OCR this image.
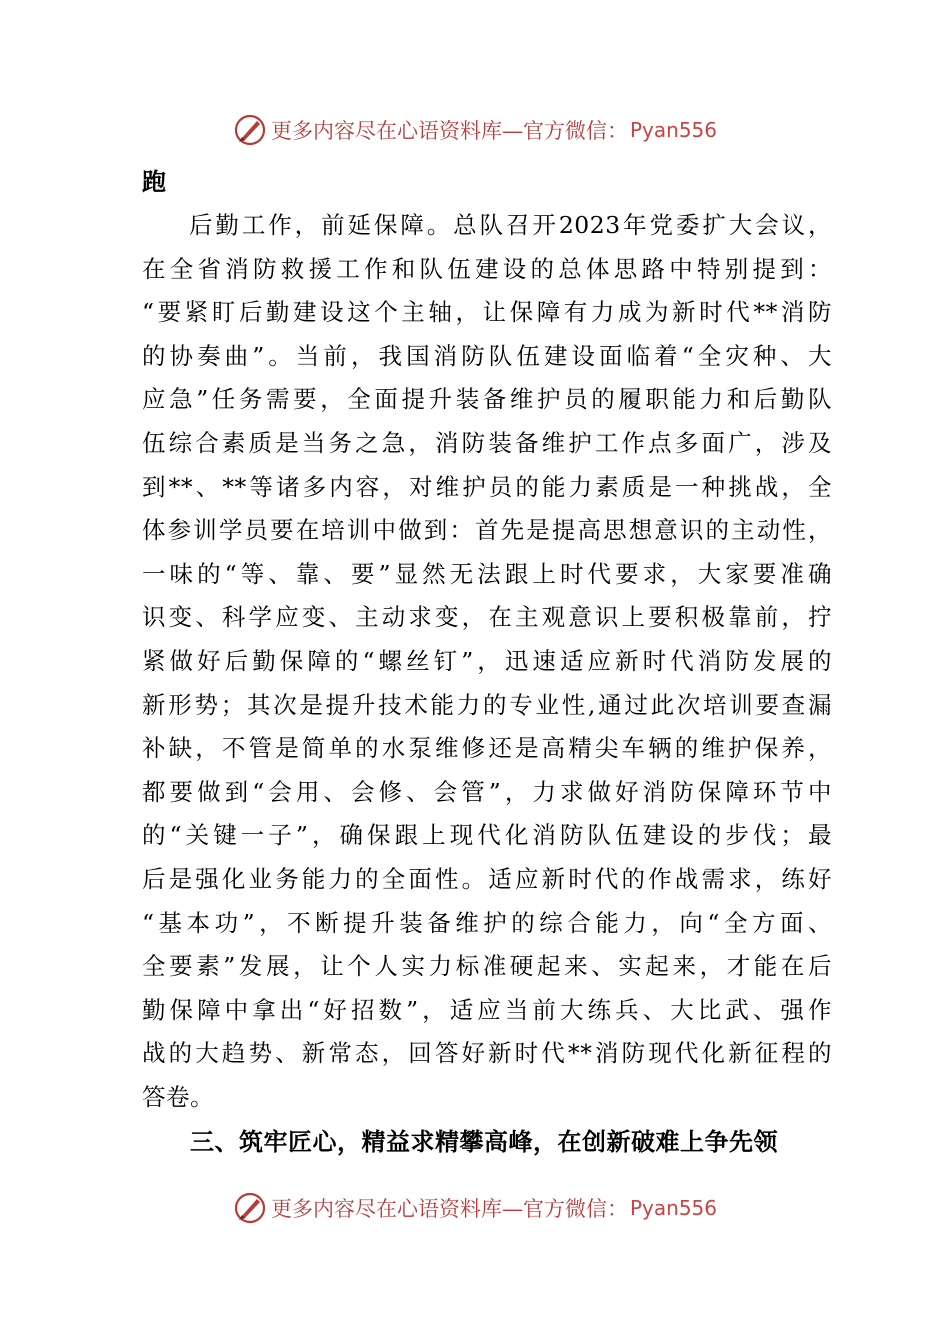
更多内容尽在心语资料库—官方微信： Pyan556
跑
后勤工作，前延保障。总队召开2023年党委扩大会议，
在全省消防救援工作和队伍建设的总体思路中特别提到：
“要紧盯后勤建设这个主轴，让保障有力成为新时代**消防
的协奏曲”。当前，我国消防队伍建设面临着“全灾种、大
应急”任务需要，全面提升装备维护员的履职能力和后勤队
伍综合素质是当务之急，消防装备维护工作点多面广，涉及
到**、**等诸多内容，对维护员的能力素质是一种挑战，全
体参训学员要在培训中做到：首先是提高思想意识的主动性，
一味的“等、靠、要”显然无法跟上时代要求，大家要准确
识变、科学应变、主动求变，在主观意识上要积极靠前，拧
紧做好后勤保障的“螺丝钉”，迅速适应新时代消防发展的
新形势；其次是提升技术能力的专业性,通过此次培训要查漏
补缺，不管是简单的水泵维修还是高精尖车辆的维护保养，
都要做到“会用、会修、会管”，力求做好消防保障环节中
的“关键一子”，确保跟上现代化消防队伍建设的步伐；最
后是强化业务能力的全面性。适应新时代的作战需求，练好
“基本功”，不断提升装备维护的综合能力，向“全方面、
全要素”发展，让个人实力标准硬起来、实起来，才能在后
勤保障中拿出“好招数”，适应当前大练兵、大比武、强作
战的大趋势、新常态，回答好新时代**消防现代化新征程的
答卷。
三、筑牢匠心，精益求精攀高峰，在创新破难上争先领
更多内容尽在心语资料库—官方微信： Pyan556
